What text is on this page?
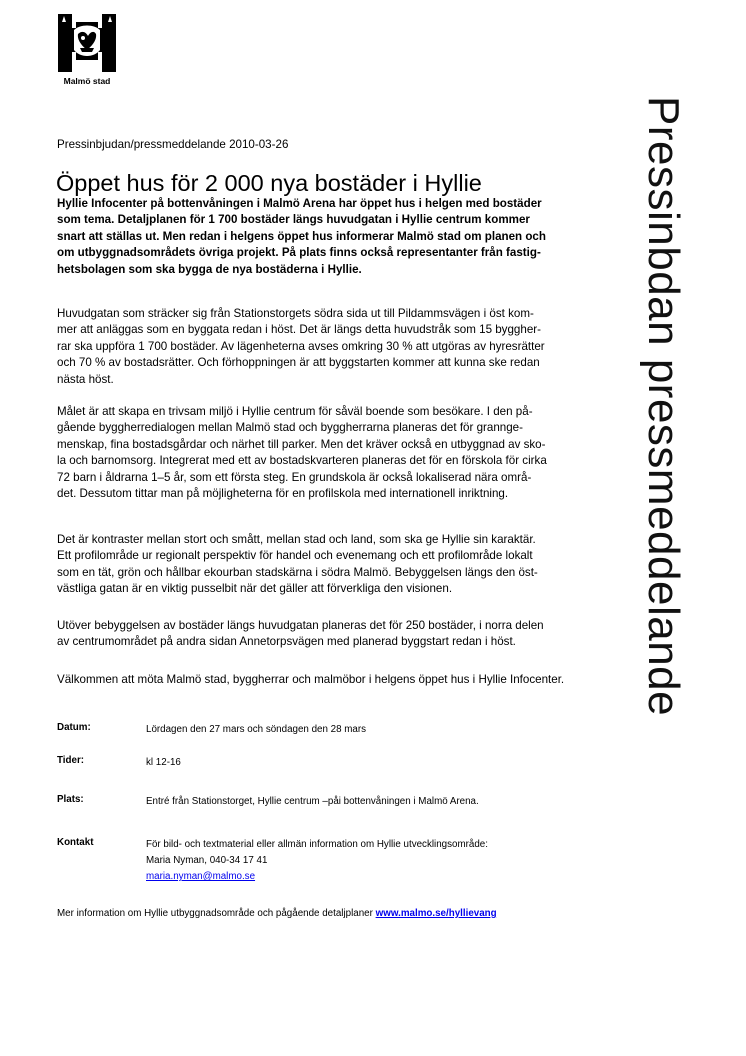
Malmö stad
Pressinbjudan/pressmeddelande 2010-03-26
Öppet hus för 2 000 nya bostäder i Hyllie
Hyllie Infocenter på bottenvåningen i Malmö Arena har öppet hus i helgen med bostäder
som tema. Detaljplanen för 1 700 bostäder längs huvudgatan i Hyllie centrum kommer
snart att ställas ut. Men redan i helgens öppet hus informerar Malmö stad om planen och
om utbyggnadsområdets övriga projekt. På plats finns också representanter från fastig-
hetsbolagen som ska bygga de nya bostäderna i Hyllie.
Huvudgatan som sträcker sig från Stationstorgets södra sida ut till Pildammsvägen i öst kom-
mer att anläggas som en byggata redan i höst. Det är längs detta huvudstråk som 15 byggher-
rar ska uppföra 1 700 bostäder. Av lägenheterna avses omkring 30 % att utgöras av hyresrätter
och 70 % av bostadsrätter. Och förhoppningen är att byggstarten kommer att kunna ske redan
nästa höst.
Målet är att skapa en trivsam miljö i Hyllie centrum för såväl boende som besökare. I den på-
gående byggherredialogen mellan Malmö stad och byggherrarna planeras det för granngе-
menskap, fina bostadsgårdar och närhet till parker. Men det kräver också en utbyggnad av sko-
la och barnomsorg. Integrerat med ett av bostadskvarteren planeras det för en förskola för cirka
72 barn i åldrarna 1–5 år, som ett första steg. En grundskola är också lokaliserad nära områ-
det. Dessutom tittar man på möjligheterna för en profilskola med internationell inriktning.
Det är kontraster mellan stort och smått, mellan stad och land, som ska ge Hyllie sin karaktär.
Ett profilområde ur regionalt perspektiv för handel och evenemang och ett profilområde lokalt
som en tät, grön och hållbar ekourban stadskärna i södra Malmö. Bebyggelsen längs den öst-
västliga gatan är en viktig pusselbit när det gäller att förverkliga den visionen.
Utöver bebyggelsen av bostäder längs huvudgatan planeras det för 250 bostäder, i norra delen
av centrumområdet på andra sidan Annetorpsvägen med planerad byggstart redan i höst.
Välkommen att möta Malmö stad, byggherrar och malmöbor i helgens öppet hus i Hyllie Infocenter.
Datum:	Lördagen den 27 mars och söndagen den 28 mars
Tider:	kl 12-16
Plats:	Entré från Stationstorget, Hyllie centrum –påi bottenvåningen i Malmö Arena.
Kontakt	För bild- och textmaterial eller allmän information om Hyllie utvecklingsområde:
Maria Nyman, 040-34 17 41
maria.nyman@malmo.se
Mer information om Hyllie utbyggnadsområde och pågående detaljplaner www.malmo.se/hyllievang
Pressinbdan pressmeddelande
